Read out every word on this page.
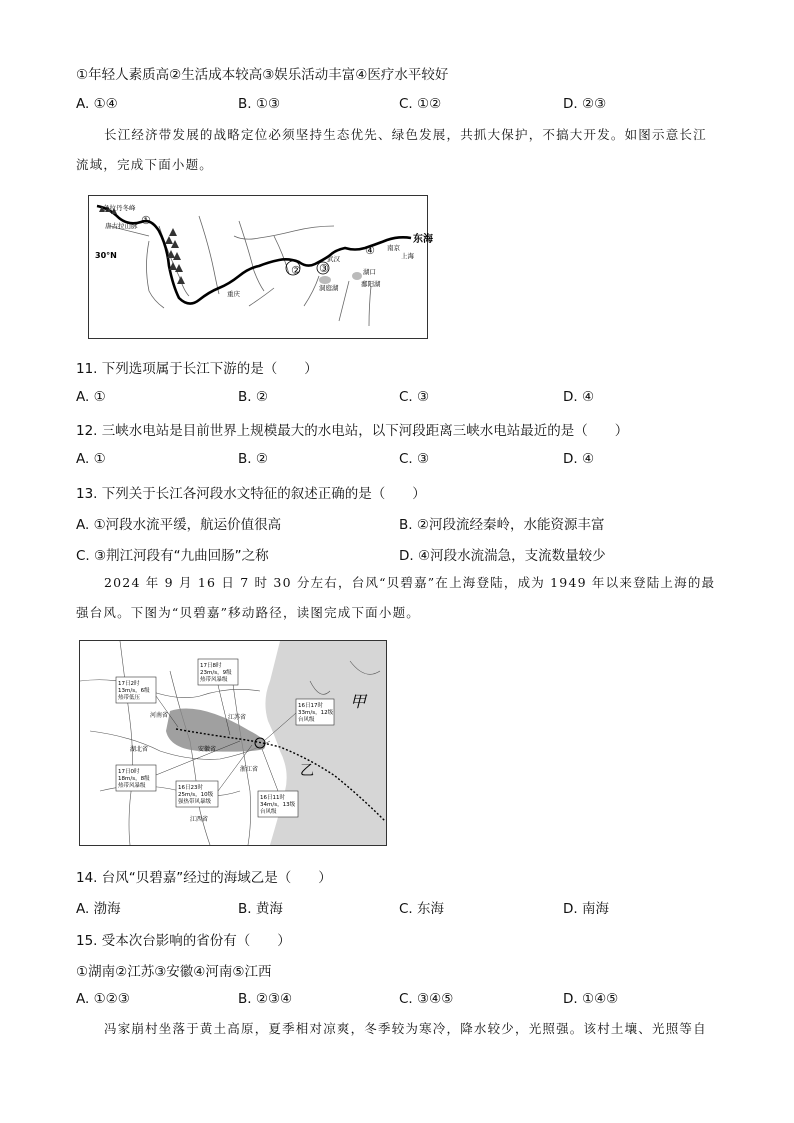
①年轻人素质高②生活成本较高③娱乐活动丰富④医疗水平较好
A. ①④	B. ①③	C. ①②	D. ②③
长江经济带发展的战略定位必须坚持生态优先、绿色发展，共抓大保护，不搞大开发。如图示意长江流域，完成下面小题。
各拉丹冬峰
唐古拉山脉
30°N	武汉
南京
上海
重庆
洞庭湖
湖口
鄱阳湖
①
② ③
④
东海
11. 下列选项属于长江下游的是（　　）
A. ①	B. ②	C. ③	D. ④
12. 三峡水电站是目前世界上规模最大的水电站，以下河段距离三峡水电站最近的是（　　）
A. ①	B. ②	C. ③	D. ④
13. 下列关于长江各河段水文特征的叙述正确的是（　　）
A. ①河段水流平缓，航运价值很高	B. ②河段流经秦岭，水能资源丰富
C. ③荆江河段有“九曲回肠”之称	D. ④河段水流湍急，支流数量较少
2024 年 9 月 16 日 7 时 30 分左右，台风“贝碧嘉”在上海登陆，成为 1949 年以来登陆上海的最强台风。下图为“贝碧嘉”移动路径，读图完成下面小题。
17日2时
13m/s，6级
热带低压
17日8时
23m/s，9级
热带风暴级
16日17时
33m/s，12级
台风级
17日0时
18m/s，8级
热带风暴级	16日23时
25m/s，10级
强热带风暴级
16日11时
34m/s，13级
台风级
河南省	江苏省
安徽省
湖北省
浙江省
江西省
甲
乙
14. 台风“贝碧嘉”经过的海域乙是（　　）
A. 渤海	B. 黄海	C. 东海	D. 南海
15. 受本次台影响的省份有（　　）
①湖南②江苏③安徽④河南⑤江西
A. ①②③	B. ②③④	C. ③④⑤	D. ①④⑤
冯家崩村坐落于黄土高原，夏季相对凉爽，冬季较为寒冷，降水较少，光照强。该村土壤、光照等自
